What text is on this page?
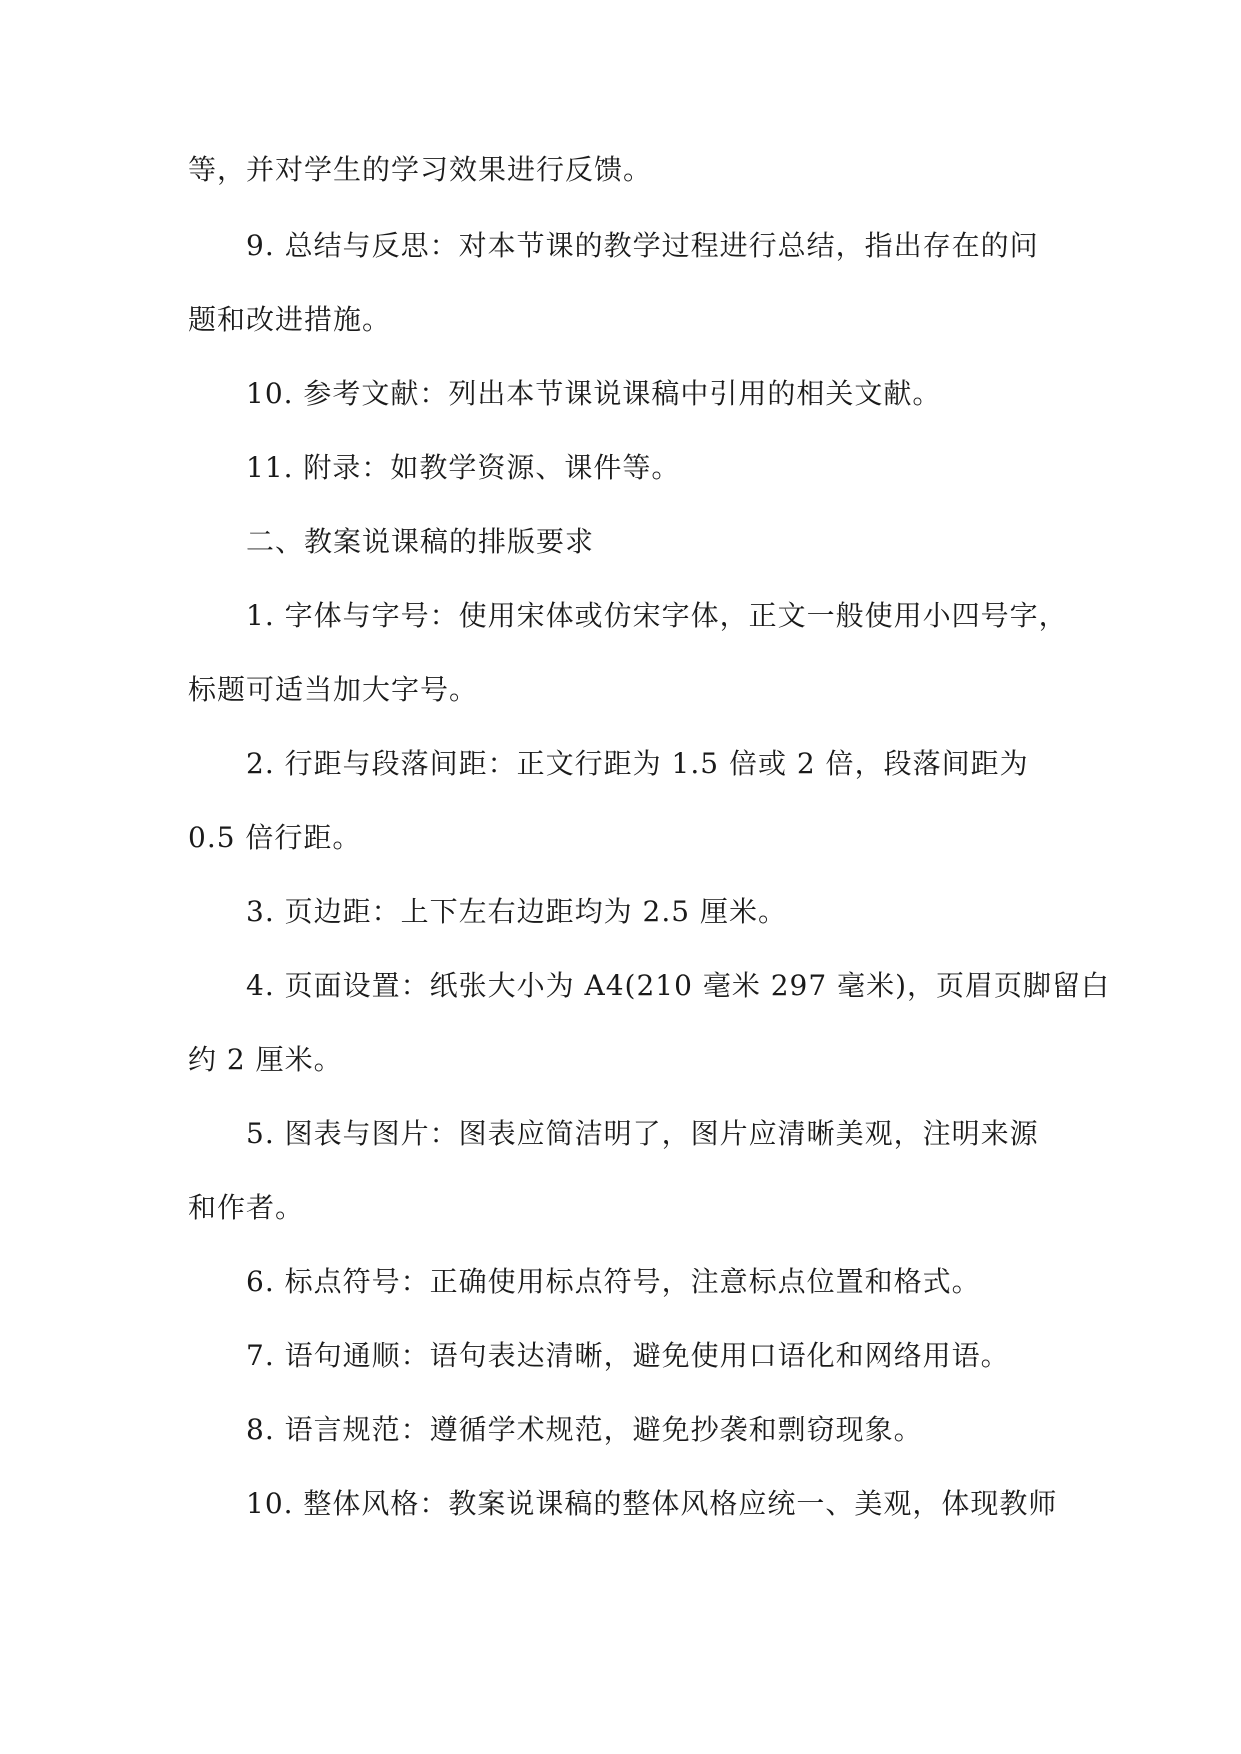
等，并对学生的学习效果进行反馈。
9. 总结与反思：对本节课的教学过程进行总结，指出存在的问
题和改进措施。
10. 参考文献：列出本节课说课稿中引用的相关文献。
11. 附录：如教学资源、课件等。
二、教案说课稿的排版要求
1. 字体与字号：使用宋体或仿宋字体，正文一般使用小四号字，
标题可适当加大字号。
2. 行距与段落间距：正文行距为 1.5 倍或 2 倍，段落间距为
0.5 倍行距。
3. 页边距：上下左右边距均为 2.5 厘米。
4. 页面设置：纸张大小为 A4(210 毫米 297 毫米)，页眉页脚留白
约 2 厘米。
5. 图表与图片：图表应简洁明了，图片应清晰美观，注明来源
和作者。
6. 标点符号：正确使用标点符号，注意标点位置和格式。
7. 语句通顺：语句表达清晰，避免使用口语化和网络用语。
8. 语言规范：遵循学术规范，避免抄袭和剽窃现象。
10. 整体风格：教案说课稿的整体风格应统一、美观，体现教师
